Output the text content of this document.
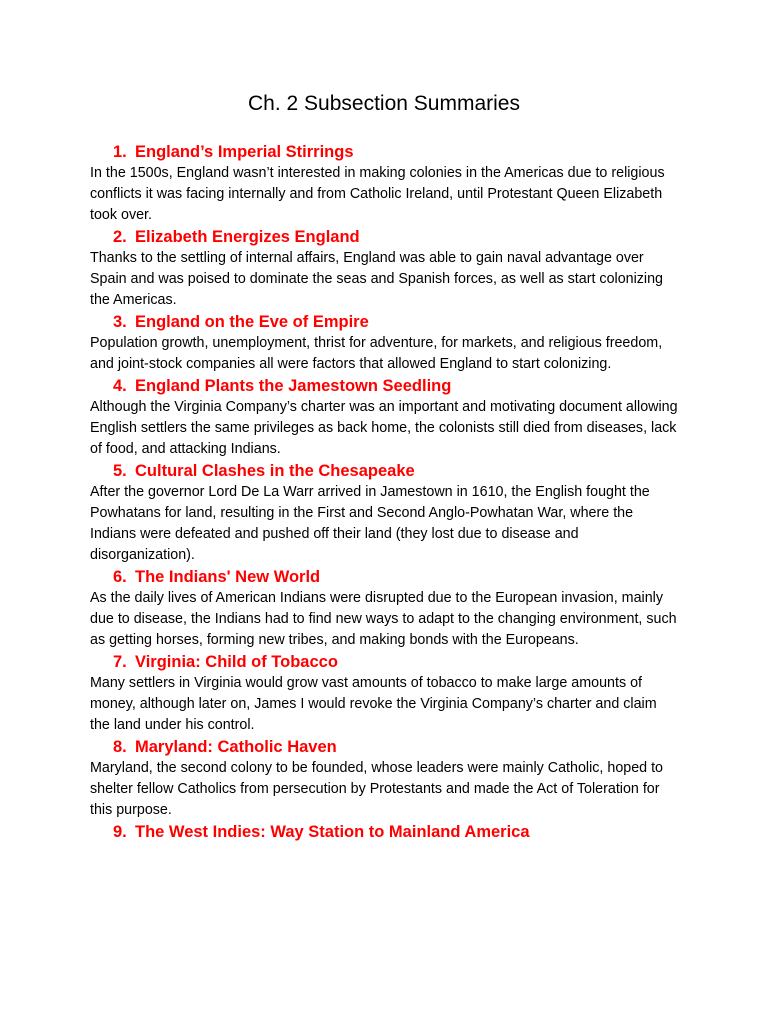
Ch. 2 Subsection Summaries
1. England’s Imperial Stirrings

In the 1500s, England wasn’t interested in making colonies in the Americas due to religious conflicts it was facing internally and from Catholic Ireland, until Protestant Queen Elizabeth took over.

2. Elizabeth Energizes England

Thanks to the settling of internal affairs, England was able to gain naval advantage over Spain and was poised to dominate the seas and Spanish forces, as well as start colonizing the Americas.

3. England on the Eve of Empire

Population growth, unemployment, thrist for adventure, for markets, and religious freedom, and joint-stock companies all were factors that allowed England to start colonizing.

4. England Plants the Jamestown Seedling

Although the Virginia Company’s charter was an important and motivating document allowing English settlers the same privileges as back home, the colonists still died from diseases, lack of food, and attacking Indians.

5. Cultural Clashes in the Chesapeake

After the governor Lord De La Warr arrived in Jamestown in 1610, the English fought the Powhatans for land, resulting in the First and Second Anglo-Powhatan War, where the Indians were defeated and pushed off their land (they lost due to disease and disorganization).

6. The Indians' New World

As the daily lives of American Indians were disrupted due to the European invasion, mainly due to disease, the Indians had to find new ways to adapt to the changing environment, such as getting horses, forming new tribes, and making bonds with the Europeans.

7. Virginia: Child of Tobacco

Many settlers in Virginia would grow vast amounts of tobacco to make large amounts of money, although later on, James I would revoke the Virginia Company’s charter and claim the land under his control.

8. Maryland: Catholic Haven

Maryland, the second colony to be founded, whose leaders were mainly Catholic, hoped to shelter fellow Catholics from persecution by Protestants and made the Act of Toleration for this purpose.

9. The West Indies: Way Station to Mainland America
